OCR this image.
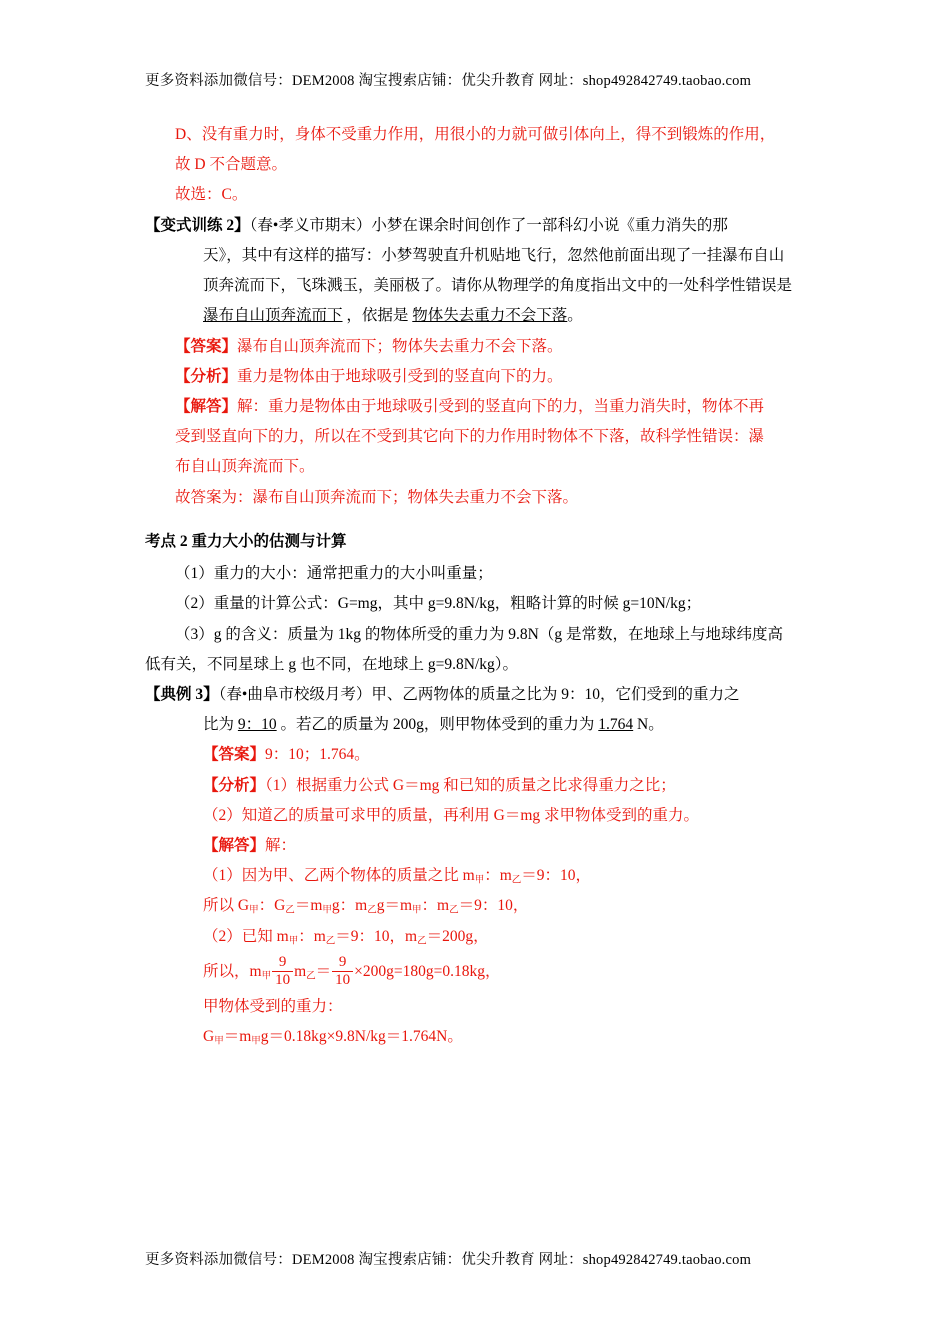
更多资料添加微信号：DEM2008 淘宝搜索店铺：优尖升教育 网址：shop492842749.taobao.com

D、没有重力时，身体不受重力作用，用很小的力就可做引体向上，得不到锻炼的作用，

故 D 不合题意。

故选：C。

【变式训练 2】（春•孝义市期末）小梦在课余时间创作了一部科幻小说《重力消失的那

天》，其中有这样的描写：小梦驾驶直升机贴地飞行，忽然他前面出现了一挂瀑布自山

顶奔流而下，飞珠溅玉，美丽极了。请你从物理学的角度指出文中的一处科学性错误是

瀑布自山顶奔流而下 ，依据是 物体失去重力不会下落。

【答案】瀑布自山顶奔流而下；物体失去重力不会下落。

【分析】重力是物体由于地球吸引受到的竖直向下的力。

【解答】解：重力是物体由于地球吸引受到的竖直向下的力，当重力消失时，物体不再

受到竖直向下的力，所以在不受到其它向下的力作用时物体不下落，故科学性错误：瀑

布自山顶奔流而下。

故答案为：瀑布自山顶奔流而下；物体失去重力不会下落。

考点 2 重力大小的估测与计算

（1）重力的大小：通常把重力的大小叫重量；

（2）重量的计算公式：G=mg，其中 g=9.8N/kg，粗略计算的时候 g=10N/kg；

（3）g 的含义：质量为 1kg 的物体所受的重力为 9.8N（g 是常数，在地球上与地球纬度高

低有关，不同星球上 g 也不同，在地球上 g=9.8N/kg）。

【典例 3】（春•曲阜市校级月考）甲、乙两物体的质量之比为 9：10，它们受到的重力之

比为 9：10 。若乙的质量为 200g，则甲物体受到的重力为 1.764 N。

【答案】9：10；1.764。

【分析】（1）根据重力公式 G＝mg 和已知的质量之比求得重力之比；

（2）知道乙的质量可求甲的质量，再利用 G＝mg 求甲物体受到的重力。

【解答】解：

（1）因为甲、乙两个物体的质量之比 $m_甲$：$m_乙=9$：10，

所以 $G_甲$：$G_乙=m_甲g$：$m_乙g=m_甲$：$m_乙=9$：10，

（2）已知 $m_甲$：$m_乙=9$：10，$m_乙=200g$，

所以，$m_甲 \frac{9}{10} m_乙= \frac{9}{10} \times 200g=180g=0.18kg$，

甲物体受到的重力：

$G_甲=m_甲g=0.18kg\times 9.8N/kg=1.764N$。

更多资料添加微信号：DEM2008 淘宝搜索店铺：优尖升教育 网址：shop492842749.taobao.com
